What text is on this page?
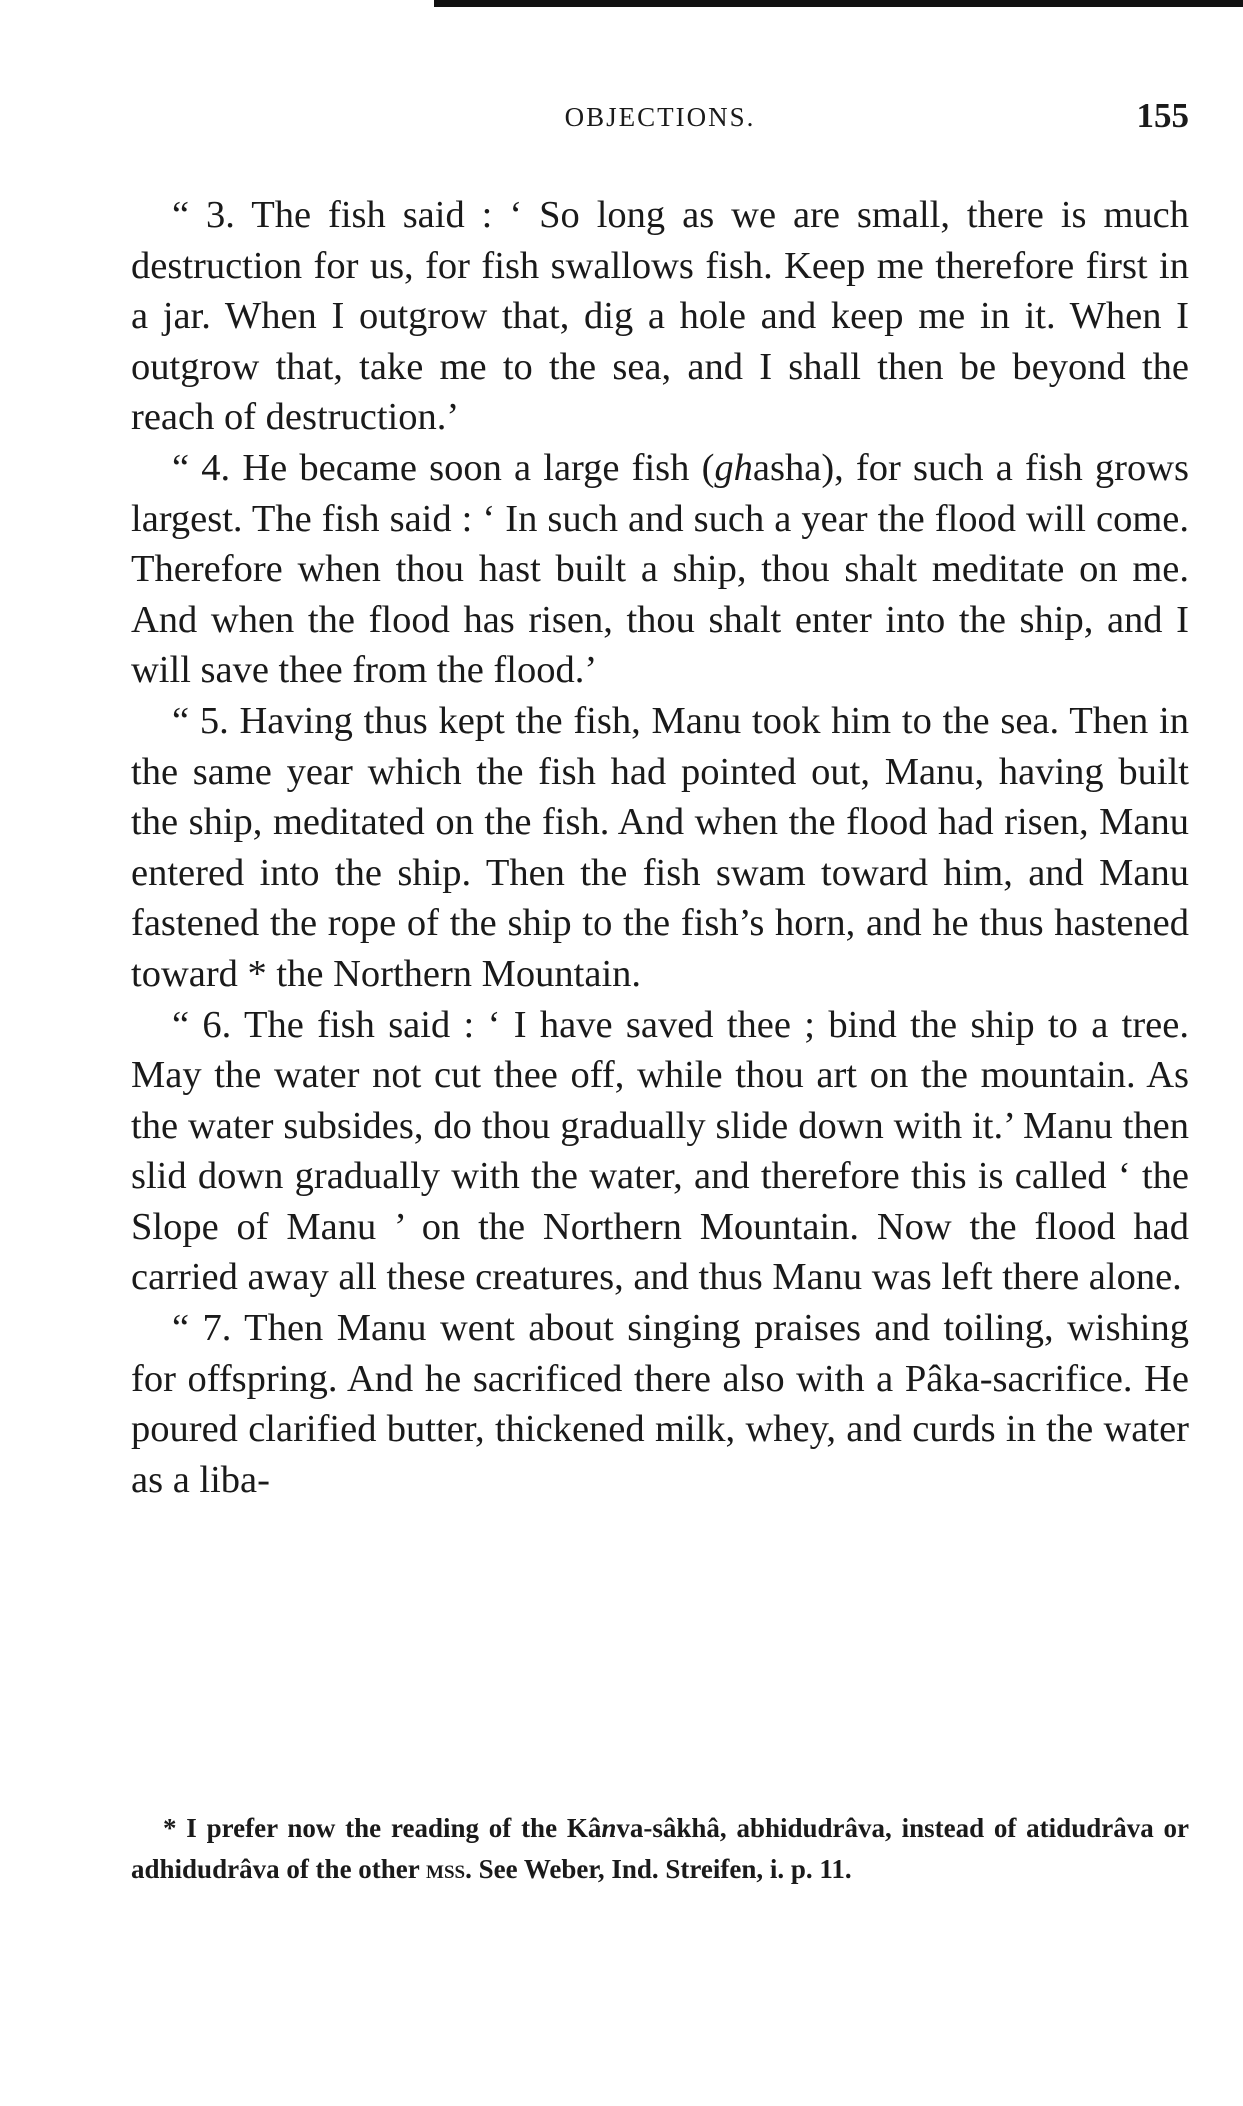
OBJECTIONS.	155

“ 3. The fish said : ‘ So long as we are small, there is much destruction for us, for fish swallows fish. Keep me therefore first in a jar. When I outgrow that, dig a hole and keep me in it. When I outgrow that, take me to the sea, and I shall then be beyond the reach of destruction.’

“ 4. He became soon a large fish (ghasha), for such a fish grows largest. The fish said : ‘ In such and such a year the flood will come. Therefore when thou hast built a ship, thou shalt meditate on me. And when the flood has risen, thou shalt enter into the ship, and I will save thee from the flood.’

“ 5. Having thus kept the fish, Manu took him to the sea. Then in the same year which the fish had pointed out, Manu, having built the ship, meditated on the fish. And when the flood had risen, Manu entered into the ship. Then the fish swam toward him, and Manu fastened the rope of the ship to the fish’s horn, and he thus hastened toward * the Northern Mountain.

“ 6. The fish said : ‘ I have saved thee ; bind the ship to a tree. May the water not cut thee off, while thou art on the mountain. As the water subsides, do thou gradually slide down with it.’ Manu then slid down gradually with the water, and therefore this is called ‘ the Slope of Manu ’ on the Northern Mountain. Now the flood had carried away all these creatures, and thus Manu was left there alone.

“ 7. Then Manu went about singing praises and toiling, wishing for offspring. And he sacrificed there also with a Pâka-sacrifice. He poured clarified butter, thickened milk, whey, and curds in the water as a liba-

* I prefer now the reading of the Kânva-sâkhâ, abhidudrâva, instead of atidudrâva or adhidudrâva of the other mss. See Weber, Ind. Streifen, i. p. 11.
